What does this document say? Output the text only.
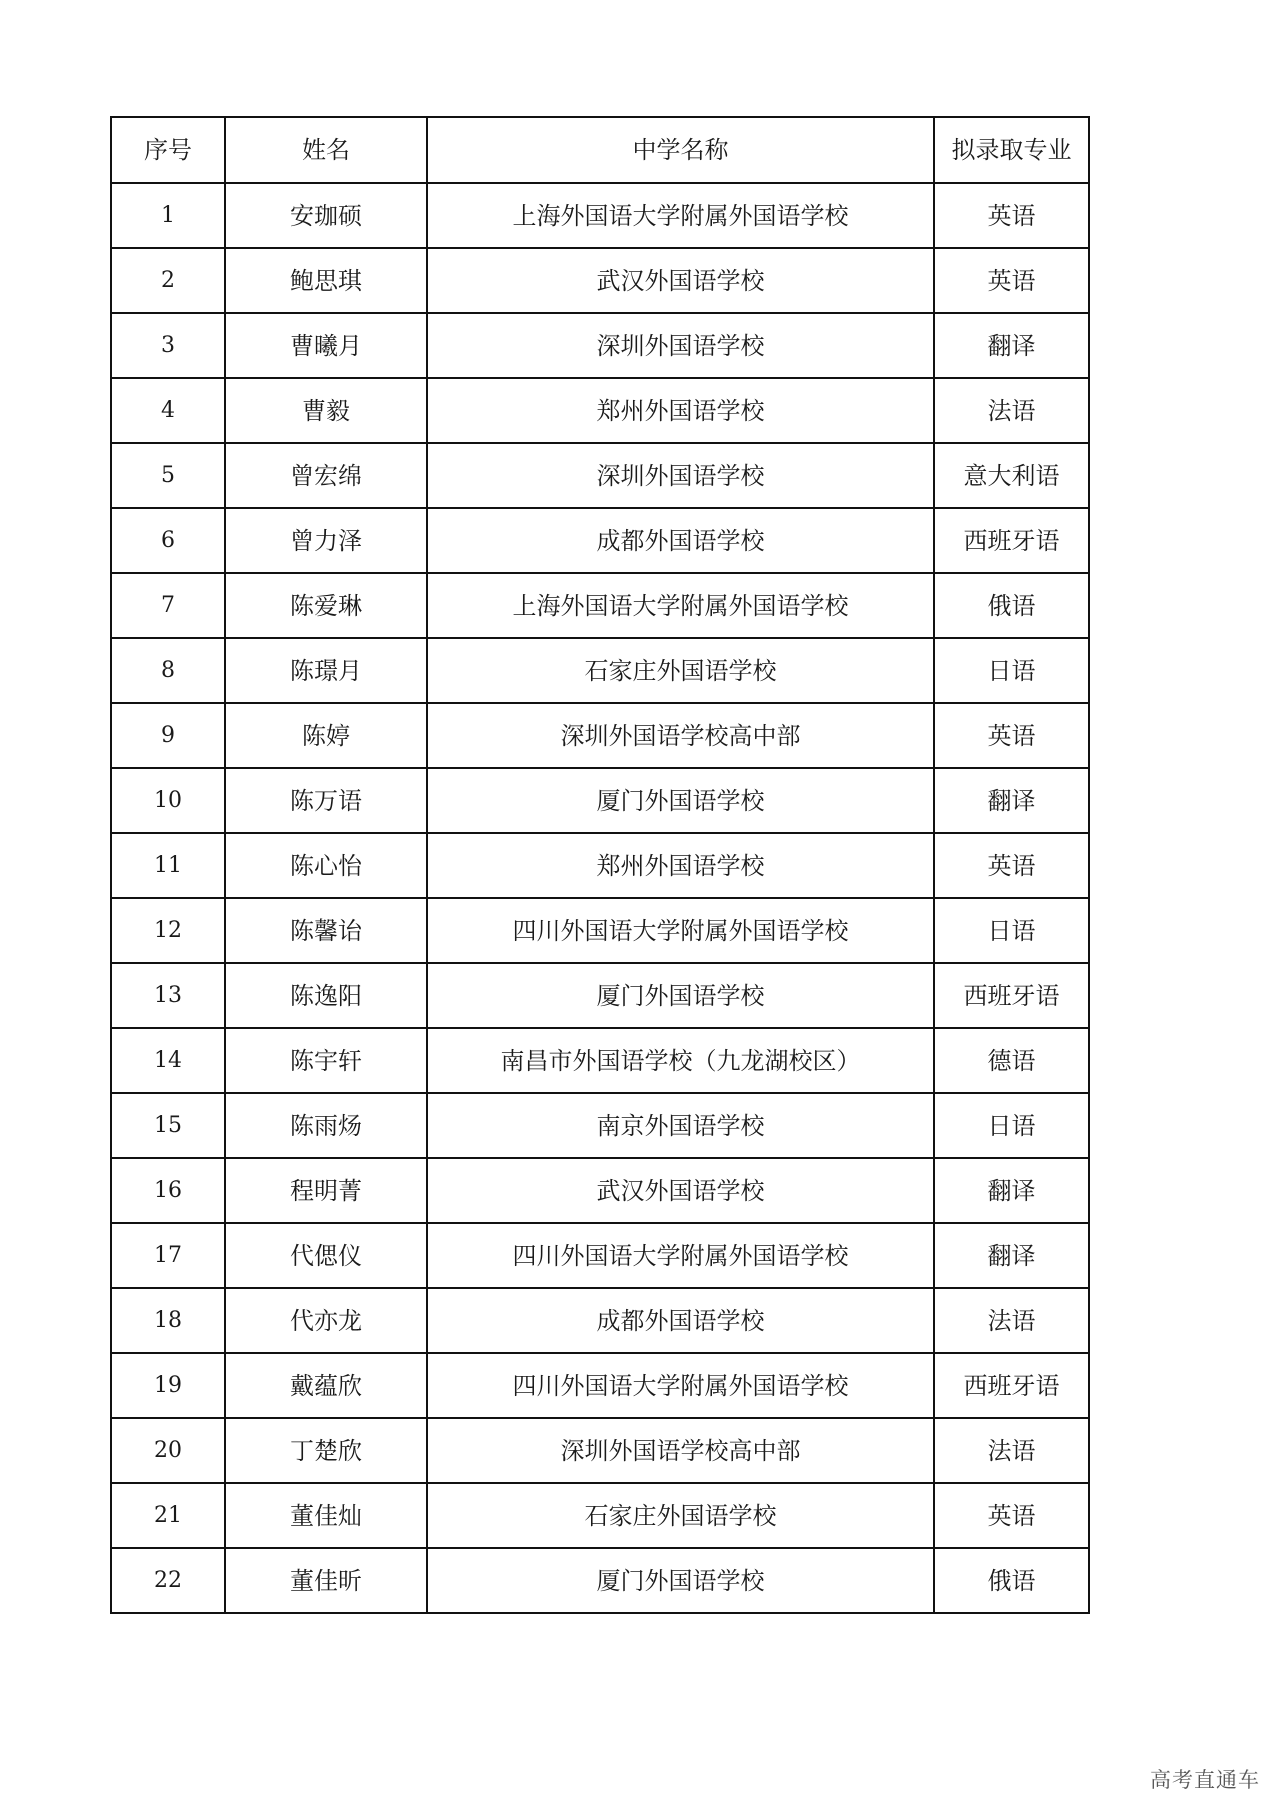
序号	姓名	中学名称	拟录取专业
1	安珈硕	上海外国语大学附属外国语学校	英语
2	鲍思琪	武汉外国语学校	英语
3	曹曦月	深圳外国语学校	翻译
4	曹毅	郑州外国语学校	法语
5	曾宏绵	深圳外国语学校	意大利语
6	曾力泽	成都外国语学校	西班牙语
7	陈爱琳	上海外国语大学附属外国语学校	俄语
8	陈璟月	石家庄外国语学校	日语
9	陈婷	深圳外国语学校高中部	英语
10	陈万语	厦门外国语学校	翻译
11	陈心怡	郑州外国语学校	英语
12	陈馨诒	四川外国语大学附属外国语学校	日语
13	陈逸阳	厦门外国语学校	西班牙语
14	陈宇轩	南昌市外国语学校（九龙湖校区）	德语
15	陈雨炀	南京外国语学校	日语
16	程明菁	武汉外国语学校	翻译
17	代偲仪	四川外国语大学附属外国语学校	翻译
18	代亦龙	成都外国语学校	法语
19	戴蕴欣	四川外国语大学附属外国语学校	西班牙语
20	丁楚欣	深圳外国语学校高中部	法语
21	董佳灿	石家庄外国语学校	英语
22	董佳昕	厦门外国语学校	俄语
高考直通车
